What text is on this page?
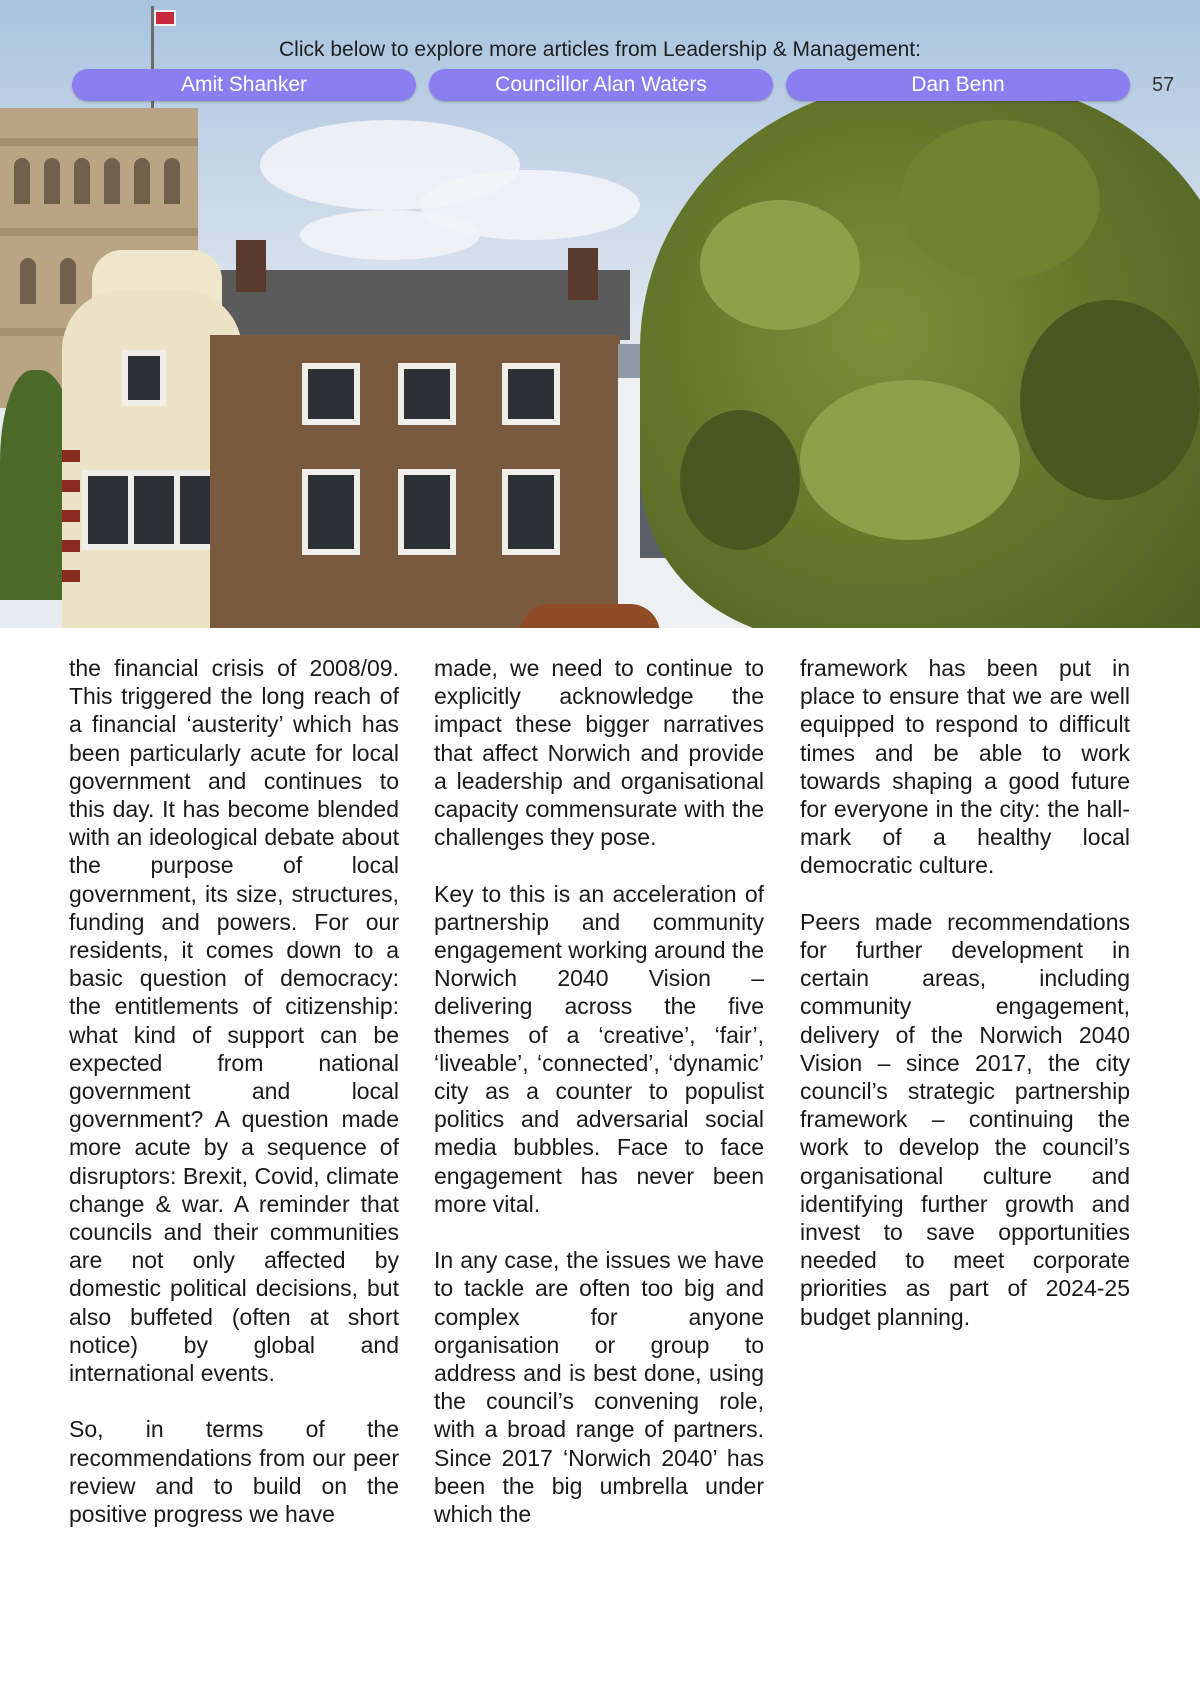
Click below to explore more articles from Leadership & Management:
Amit Shanker	Councillor Alan Waters	Dan Benn	57

the financial crisis of 2008/09. This triggered the long reach of a financial ‘austerity’ which has been particularly acute for local government and continues to this day. It has become blended with an ideological debate about the purpose of local government, its size, structures, funding and powers. For our residents, it comes down to a basic question of democracy: the entitlements of citizenship: what kind of support can be expected from national government and local government? A question made more acute by a sequence of disruptors: Brexit, Covid, climate change & war. A reminder that councils and their communities are not only affected by domestic political decisions, but also buffeted (often at short notice) by global and international events.

So, in terms of the recommendations from our peer review and to build on the positive progress we have

made, we need to continue to explicitly acknowledge the impact these bigger narratives that affect Norwich and provide a leadership and organisational capacity commensurate with the challenges they pose.

Key to this is an acceleration of partnership and community engagement working around the Norwich 2040 Vision – delivering across the five themes of a ‘creative’, ‘fair’, ‘liveable’, ‘connected’, ‘dynamic’ city as a counter to populist politics and adversarial social media bubbles. Face to face engagement has never been more vital.

In any case, the issues we have to tackle are often too big and complex for anyone organisation or group to address and is best done, using the council’s convening role, with a broad range of partners. Since 2017 ‘Norwich 2040’ has been the big umbrella under which the

framework has been put in place to ensure that we are well equipped to respond to difficult times and be able to work towards shaping a good future for everyone in the city: the hall-mark of a healthy local democratic culture.

Peers made recommendations for further development in certain areas, including community engagement, delivery of the Norwich 2040 Vision – since 2017, the city council’s strategic partnership framework – continuing the work to develop the council’s organisational culture and identifying further growth and invest to save opportunities needed to meet corporate priorities as part of 2024-25 budget planning.
